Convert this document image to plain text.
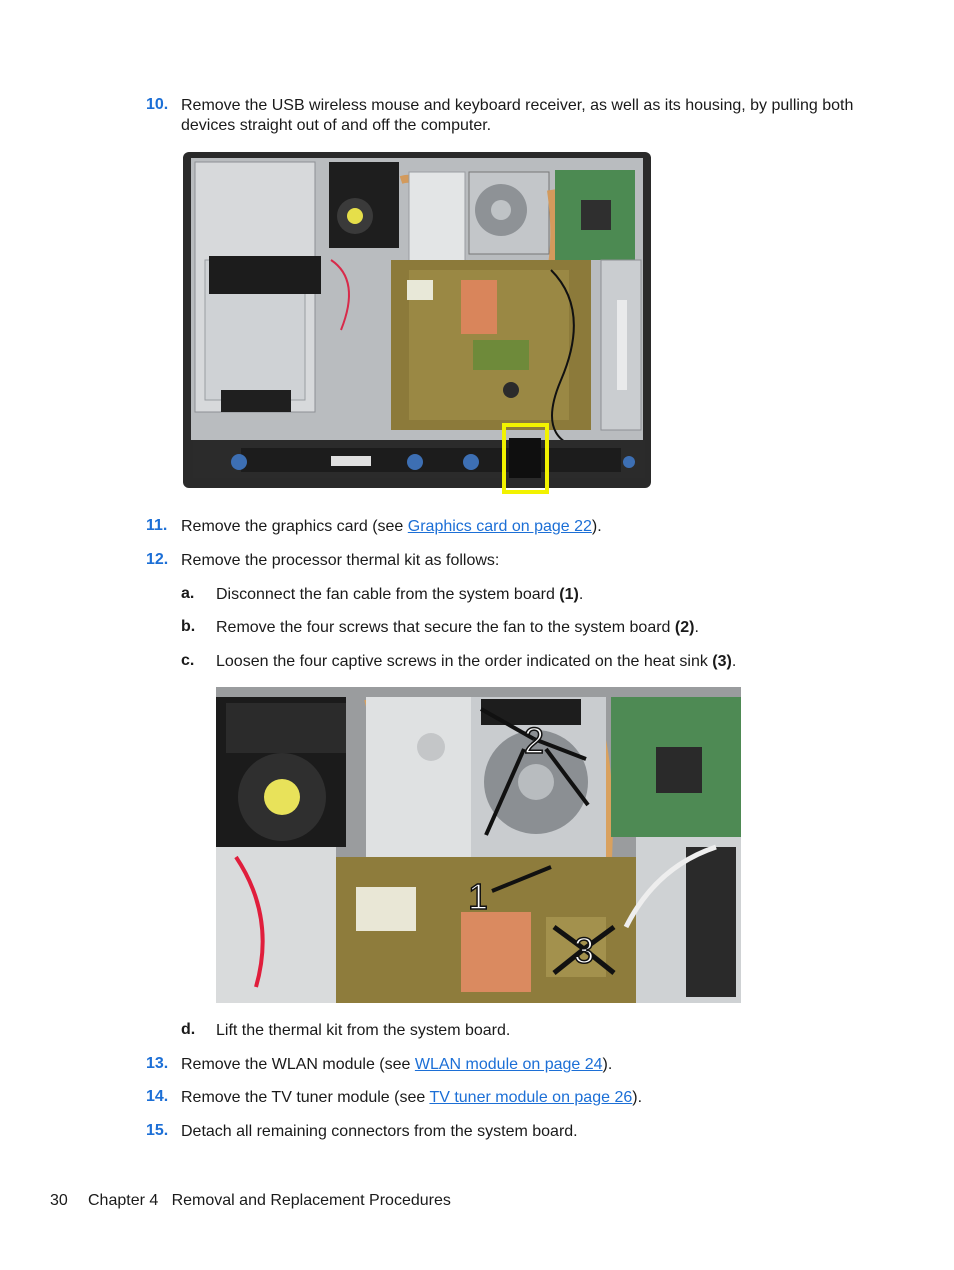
10. Remove the USB wireless mouse and keyboard receiver, as well as its housing, by pulling both devices straight out of and off the computer.
11. Remove the graphics card (see Graphics card on page 22).
12. Remove the processor thermal kit as follows:
a. Disconnect the fan cable from the system board (1).
b. Remove the four screws that secure the fan to the system board (2).
c. Loosen the four captive screws in the order indicated on the heat sink (3).
2
1
3
d. Lift the thermal kit from the system board.
13. Remove the WLAN module (see WLAN module on page 24).
14. Remove the TV tuner module (see TV tuner module on page 26).
15. Detach all remaining connectors from the system board.
30 Chapter 4   Removal and Replacement Procedures
